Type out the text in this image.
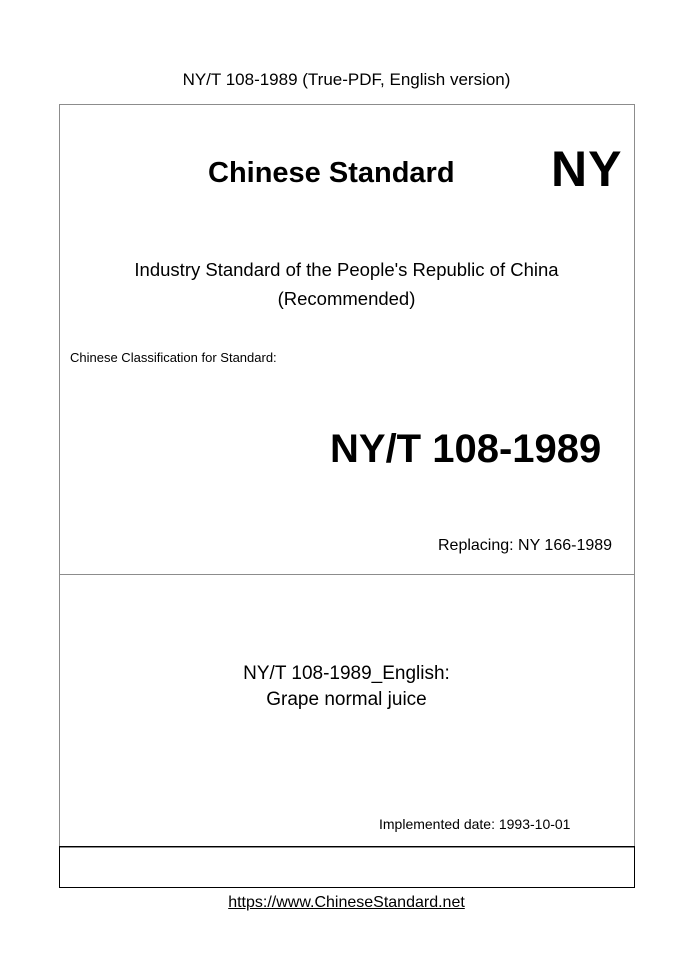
NY/T 108-1989 (True-PDF, English version)
Chinese Standard NY
Industry Standard of the People's Republic of China
(Recommended)
Chinese Classification for Standard:
NY/T 108-1989
Replacing: NY 166-1989
NY/T 108-1989_English:
Grape normal juice
Implemented date: 1993-10-01
https://www.ChineseStandard.net
